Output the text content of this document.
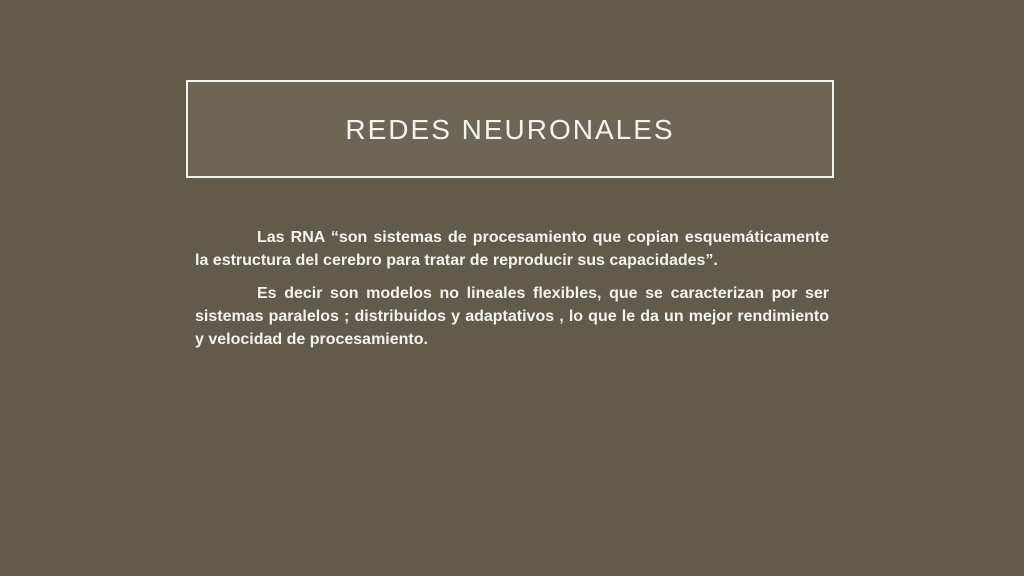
REDES NEURONALES

Las RNA “son sistemas de procesamiento que copian esquemáticamente la estructura del cerebro para tratar de reproducir sus capacidades”.

Es decir son modelos no lineales flexibles, que se caracterizan por ser sistemas paralelos ; distribuidos y adaptativos , lo que le da un mejor rendimiento y velocidad de procesamiento.
